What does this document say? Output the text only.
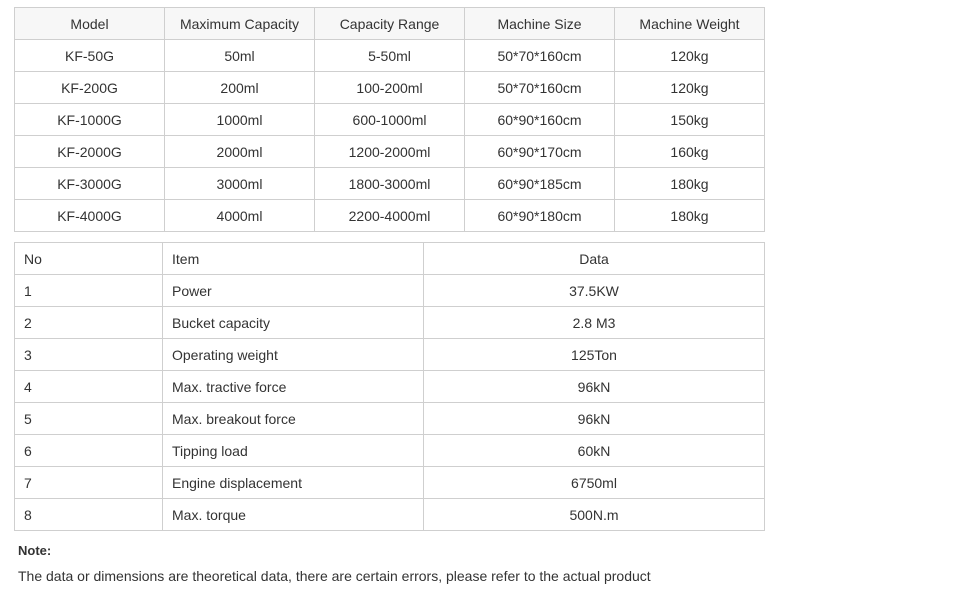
Model	Maximum Capacity	Capacity Range	Machine Size	Machine Weight
KF-50G	50ml	5-50ml	50*70*160cm	120kg
KF-200G	200ml	100-200ml	50*70*160cm	120kg
KF-1000G	1000ml	600-1000ml	60*90*160cm	150kg
KF-2000G	2000ml	1200-2000ml	60*90*170cm	160kg
KF-3000G	3000ml	1800-3000ml	60*90*185cm	180kg
KF-4000G	4000ml	2200-4000ml	60*90*180cm	180kg
No	Item	Data
1	Power	37.5KW
2	Bucket capacity	2.8 M3
3	Operating weight	125Ton
4	Max. tractive force	96kN
5	Max. breakout force	96kN
6	Tipping load	60kN
7	Engine displacement	6750ml
8	Max. torque	500N.m
Note:
The data or dimensions are theoretical data, there are certain errors, please refer to the actual product
